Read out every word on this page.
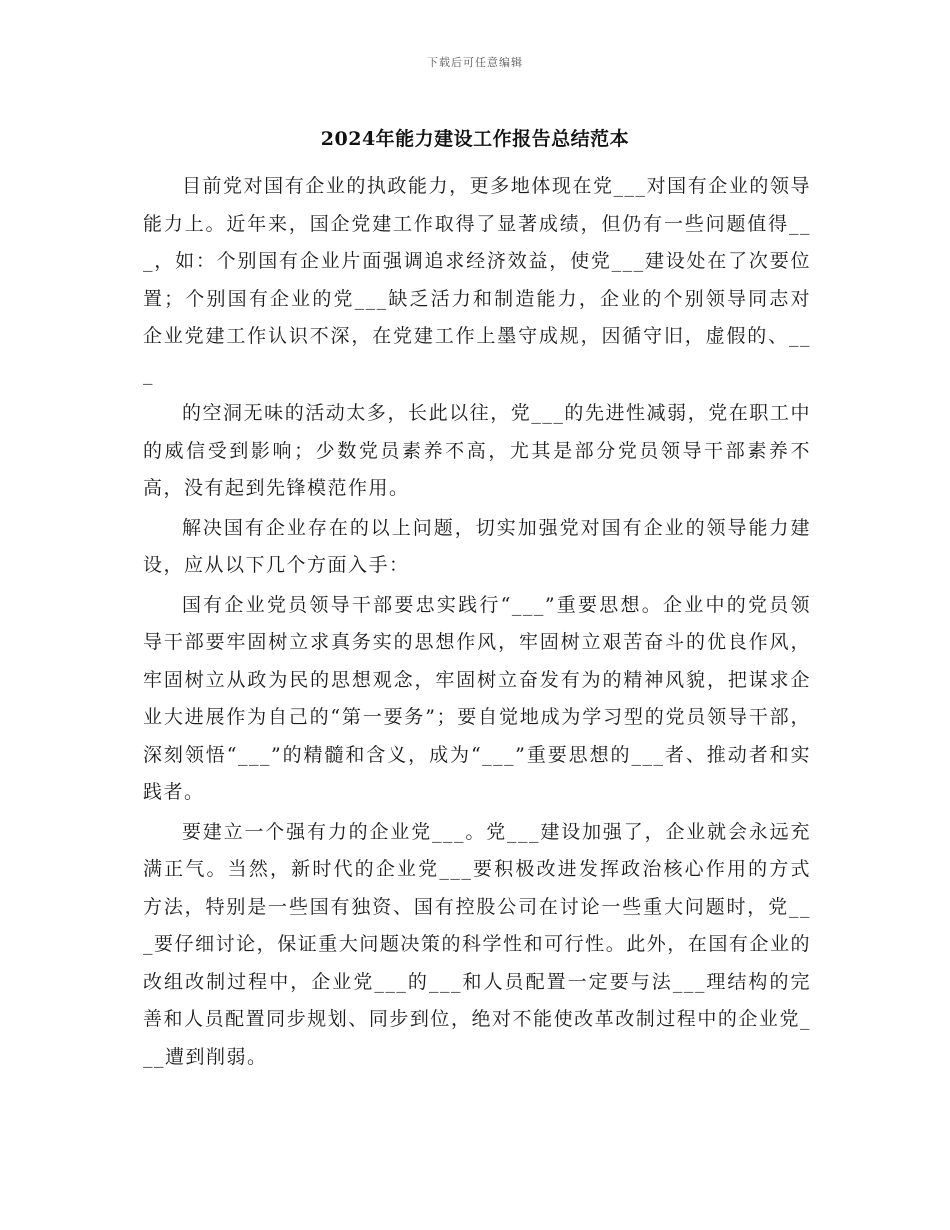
下载后可任意编辑
2024年能力建设工作报告总结范本

目前党对国有企业的执政能力，更多地体现在党___对国有企业的领导能力上。近年来，国企党建工作取得了显著成绩，但仍有一些问题值得___，如：个别国有企业片面强调追求经济效益，使党___建设处在了次要位置；个别国有企业的党___缺乏活力和制造能力，企业的个别领导同志对企业党建工作认识不深，在党建工作上墨守成规，因循守旧，虚假的、___

的空洞无味的活动太多，长此以往，党___的先进性减弱，党在职工中的威信受到影响；少数党员素养不高，尤其是部分党员领导干部素养不高，没有起到先锋模范作用。

解决国有企业存在的以上问题，切实加强党对国有企业的领导能力建设，应从以下几个方面入手：

国有企业党员领导干部要忠实践行“___”重要思想。企业中的党员领导干部要牢固树立求真务实的思想作风，牢固树立艰苦奋斗的优良作风，牢固树立从政为民的思想观念，牢固树立奋发有为的精神风貌，把谋求企业大进展作为自己的“第一要务”；要自觉地成为学习型的党员领导干部，深刻领悟“___”的精髓和含义，成为“___”重要思想的___者、推动者和实践者。

要建立一个强有力的企业党___。党___建设加强了，企业就会永远充满正气。当然，新时代的企业党___要积极改进发挥政治核心作用的方式方法，特别是一些国有独资、国有控股公司在讨论一些重大问题时，党___要仔细讨论，保证重大问题决策的科学性和可行性。此外，在国有企业的改组改制过程中，企业党___的___和人员配置一定要与法___理结构的完善和人员配置同步规划、同步到位，绝对不能使改革改制过程中的企业党___遭到削弱。
